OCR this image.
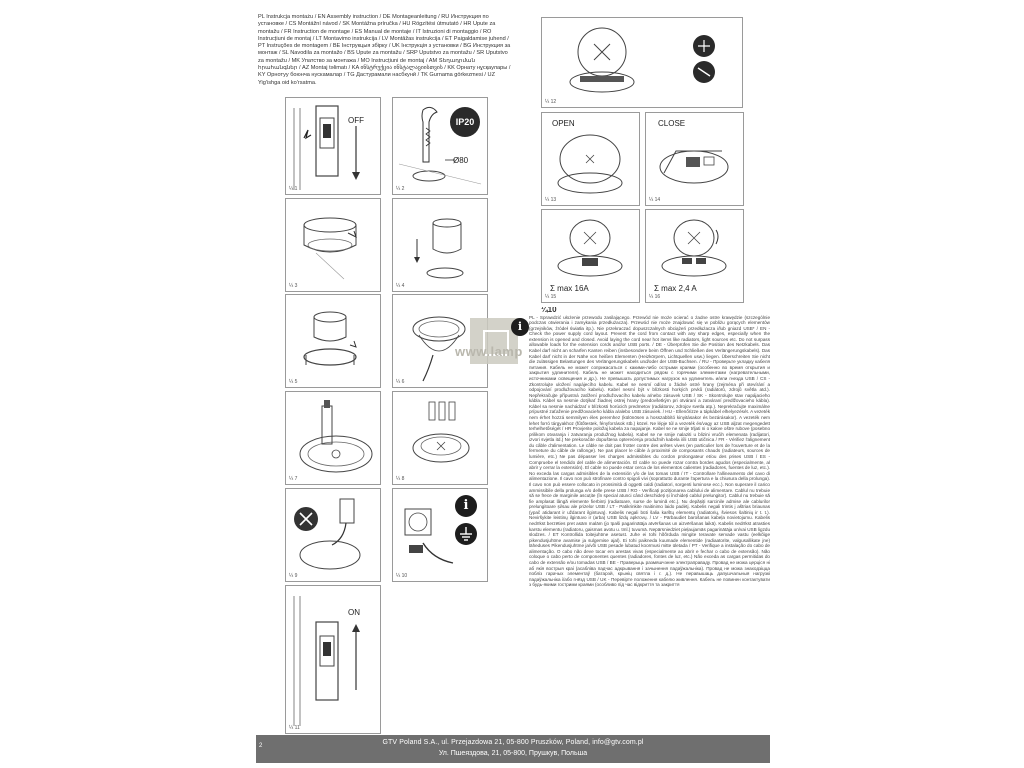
PL Instrukcja montażu / EN Assembly instruction / DE Montageanleitung / RU Инструкция по установке / CS Montážní návod / SK Montážna príručka / HU Rögzítési útmutató / HR Upute za montažu / FR Instruction de montage / ES Manual de montaje / IT Istruzioni di montaggio / RO Instrucțiuni de montaj / LT Montavimo instrukcija / LV Montāžas instrukcija / ET Paigaldamise juhend / PT Instruções de montagem / BE Інструкцыя збірку / UK Інструкція з установки / BG Инструкция за монтаж / SL Navodila za montažo / BS Upute za montažu / SRP Uputstvo za montažu / SR Uputstvo za montažu / MK Упатство за монтажа / MO Instrucțiuni de montaj / AM Տեղադրման հրահանգներ / AZ Montaj təlimatı / KA ინსტრუქცია ინსტალაციისთვის / KK Орнату нұсқаулары / KY Орнотуу боюнча нускамалар / TG Дастурамали насбкунӣ / TK Gurnama görkezmesi / UZ Yig'ishga oid ko'rsatma.
OFF
¼ 1
IP20
Ø80
¼ 2
¼ 3	¼ 4
¼ 5	¼ 6
¼ 7	¼ 8
¼ 9
i
¼ 10
ON
¼ 11
¼ 12
OPEN
¼ 13
CLOSE
¼ 14
Σ max 16A
¼ 15
Σ max 2,4 A
¼ 16
www.lamp
i
¼10
PL - Sprawdzić ułożenie przewodu zasilającego. Przewód nie może ocierać o żadne ostre krawędzie (szczególnie podczas otwierania i zamykania przedłużacza). Przewód nie może znajdować się w pobliżu gorących elementów (grzejników, źródeł światła itp.). Nie przekraczać dopuszczalnych obciążeń przedłużacza i/lub gniazd USB* / EN - Check the power supply cord layout. Prevent the cord from contact with any sharp edges, especially when the extension is opened and closed. Avoid laying the cord near hot items like radiators, light sources etc. Do not surpass allowable loads for the extension cords and/or USB ports. / DE - Überprüfen Sie die Position des Netzkabels. Das Kabel darf nicht an scharfen Kanten reiben (insbesondere beim Öffnen und Schließen des Verlängerungskabels). Das Kabel darf nicht in der Nähe von heißen Elementen (Heizkörpern, Lichtquellen usw.) liegen. Überschreiten Sie nicht die zulässigen Belastungen des Verlängerungskabels und/oder der USB-Buchsen. / RU - Проверьте укладку кабеля питания. Кабель не может соприкасаться с какими-либо острыми краями (особенно во время открытия и закрытия удлинителя). Кабель не может находиться рядом с горячими элементами (нагревательными, источниками освещения и др.). Не превышать допустимых нагрузок на удлинитель и/или гнезда USB / CS - Zkontrolujte uložení napájecího kabelu. Kabel se nesmí odírat o žádné ostré hrany (zejména při otevírání a odpojování prodlužovacího kabelu). Kabel nesmí být v blízkosti horkých prvků (radiátorů, zdrojů světla atd.). Nepřekračujte přípustná zatížení prodlužovacího kabelu a/nebo zásuvek USB / SK - Skontrolujte stav napájacieho kábla. Kábel sa nesmie dotýkať žiadnej ostrej hrany (predovšetkým pri otváraní a zatváraní predlžovacieho kábla). Kábel sa nesmie nachádzať v blízkosti horúcich predmetov (radiátorov, zdrojov svetla atp.). Neprekračujte maximálne prípustné zaťaženie predlžovacieho kábla a/alebo USB zásuviek. / HU - Ellenőrizze a tápkábel elhelyezését. A vezeték nem érhet hozzá semmilyen éles peremhez (különösen a hosszabbító kinyitásakor és bezárásakor). A vezeték nem lehet forró tárgyakhoz (fűtőtestek, fényforrások stb.) közel. Ne lépje túl a vezeték és/vagy az USB aljzat megengedett terhelhetőségét / HR Provjerite položaj kabela za napajanje. Kabel se ne smije trljati ni o kakve oštre rubove (posebno prilikom otvaranja i zatvaranja produžnog kabela). Kabel se ne smije nalaziti u blizini vrućih elemenata (radijatori, izvori svjetla itd.) Ne prekoračite dopuštena opterećenja produžnih kabela i/ili USB utičnica / FR - Vérifiez l'alignement du câble d'alimentation. Le câble ne doit pas frotter contre des arêtes vives (en particulier lors de l'ouverture et de la fermeture du câble de rallonge). Ne pas placer le câble à proximité de composants chauds (radiateurs, sources de lumière, etc.) Ne pas dépasser les charges admissibles du cordon prolongateur et/ou des prises USB / ES - Compruebe el tendido del cable de alimentación. El cable no puede rozar contra bordes agudos (especialmente, al abrir y cerrar la extensión). El cable no puede estar cerca de los elementos calientes (radiadores, fuentes de luz, etc.). No exceda las cargas admisibles de la extensión y/o de las tomas USB / IT - Controllare l'allineamento del cavo di alimentazione. Il cavo non può strofinare contro spigoli vivi (soprattutto durante l'apertura e la chiusura della prolunga). Il cavo non può essere collocato in prossimità di oggetti caldi (radiatori, sorgenti luminose ecc.). Non superare il carico ammissibile della prolunga e/o delle prese USB / RO - Verificați poziționarea cablului de alimentare. Cablul nu trebuie să se frece de marginile ascuțite (în special atunci când deschideți și închideți cablul prelungitor). Cablul nu trebuie să fie amplasat lângă elemente fierbinți (radiatoare, surse de lumină etc.). Nu depășiți sarcinile admise ale cablurilor prelungitoare și/sau ale prizelor USB / LT - Patikrinkite maitinimo laido padėtį. Kabelis negali trintis į aštrias briaunas (ypač atidarant ir uždarant ilgintuvą). Kabelis negali būti šalia karštų elementų (radiatorių, šviesos šaltinių ir t. t.). Neviršykite leistinų ilgintuvo ir (arba) USB lizdų apkrovų. / LV - Pārbaudiet barošanas kabeļa novietojumu. Kabelis nedrīkst berzēties pret asām malām (jo īpaši pagarinātāja atvēršanas un aizvēršanas laikā). Kabelis nedrīkst atrasties karstu elementu (radiatoru, gaismas avotu u. tml.) tuvumā. Nepārsniedziet pieļaujamās pagarinātāja un/vai USB ligzdu slodzes. / ET Kontrollida toitejuhtme asetust. Juhe ei tohi hõõrduda mingite teravate servade vastu (eelkõige pikendusjuhtme avamise ja sulgemise ajal). Ei tohi paikneda kuumade elementide (radiaatorite, valgusallikate jne) läheduses Pikendusjuhtme ja/või USB pesade lubatud koormusi mitte ületada / PT - Verifique a instalação do cabo de alimentação. O cabo não deve tocar em arestas vivas (especialmente ao abrir e fechar o cabo de extensão). Não coloque o cabo perto de componentes quentes (radiadores, fontes de luz, etc.) Não exceda as cargas permitidas do cabo de extensão e/ou tomadas USB / BE - Праверыць размяшчэнне электраправаду. Провад не можа церціся ні аб якія вострыя краі (асабліва падчас адкрывання і зачынення падаўжальніка). Провад не можа знаходзіцца побліз гарачых элементаў (батарэй, крыніц святла і г. д.). Не перавышаць дапушчальныя нагрузкі падаўжальніка і/або гнёзд USB / UK - Перевірте положення кабелю живлення. Кабель не повинен контактувати з будь-якими гострими краями (особливо під час відкриття та закриття
GTV Poland S.A., ul. Przejazdowa 21, 05-800 Pruszków, Poland, info@gtv.com.pl
Ул. Пшеяздова, 21, 05-800, Прушкув, Польша
2
